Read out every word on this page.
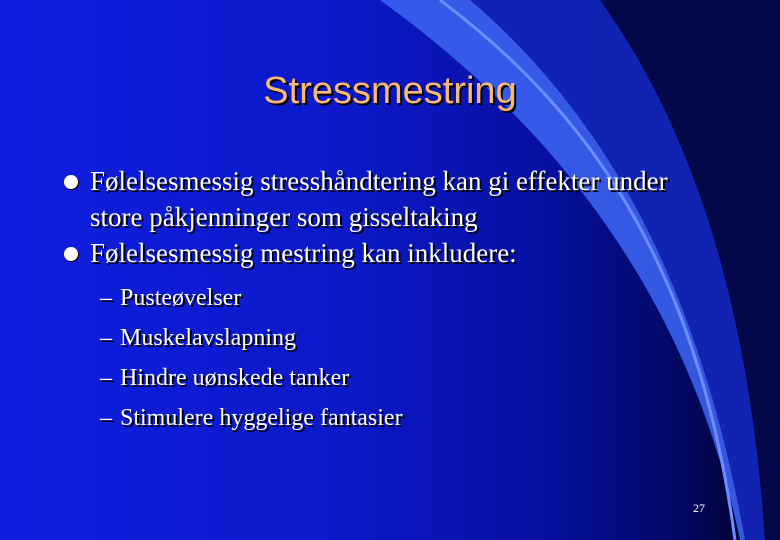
Stressmestring
Følelsesmessig stresshåndtering kan gi effekter under store påkjenninger som gisseltaking
Følelsesmessig mestring kan inkludere:
– Pusteøvelser
– Muskelavslapning
– Hindre uønskede tanker
– Stimulere hyggelige fantasier
27
